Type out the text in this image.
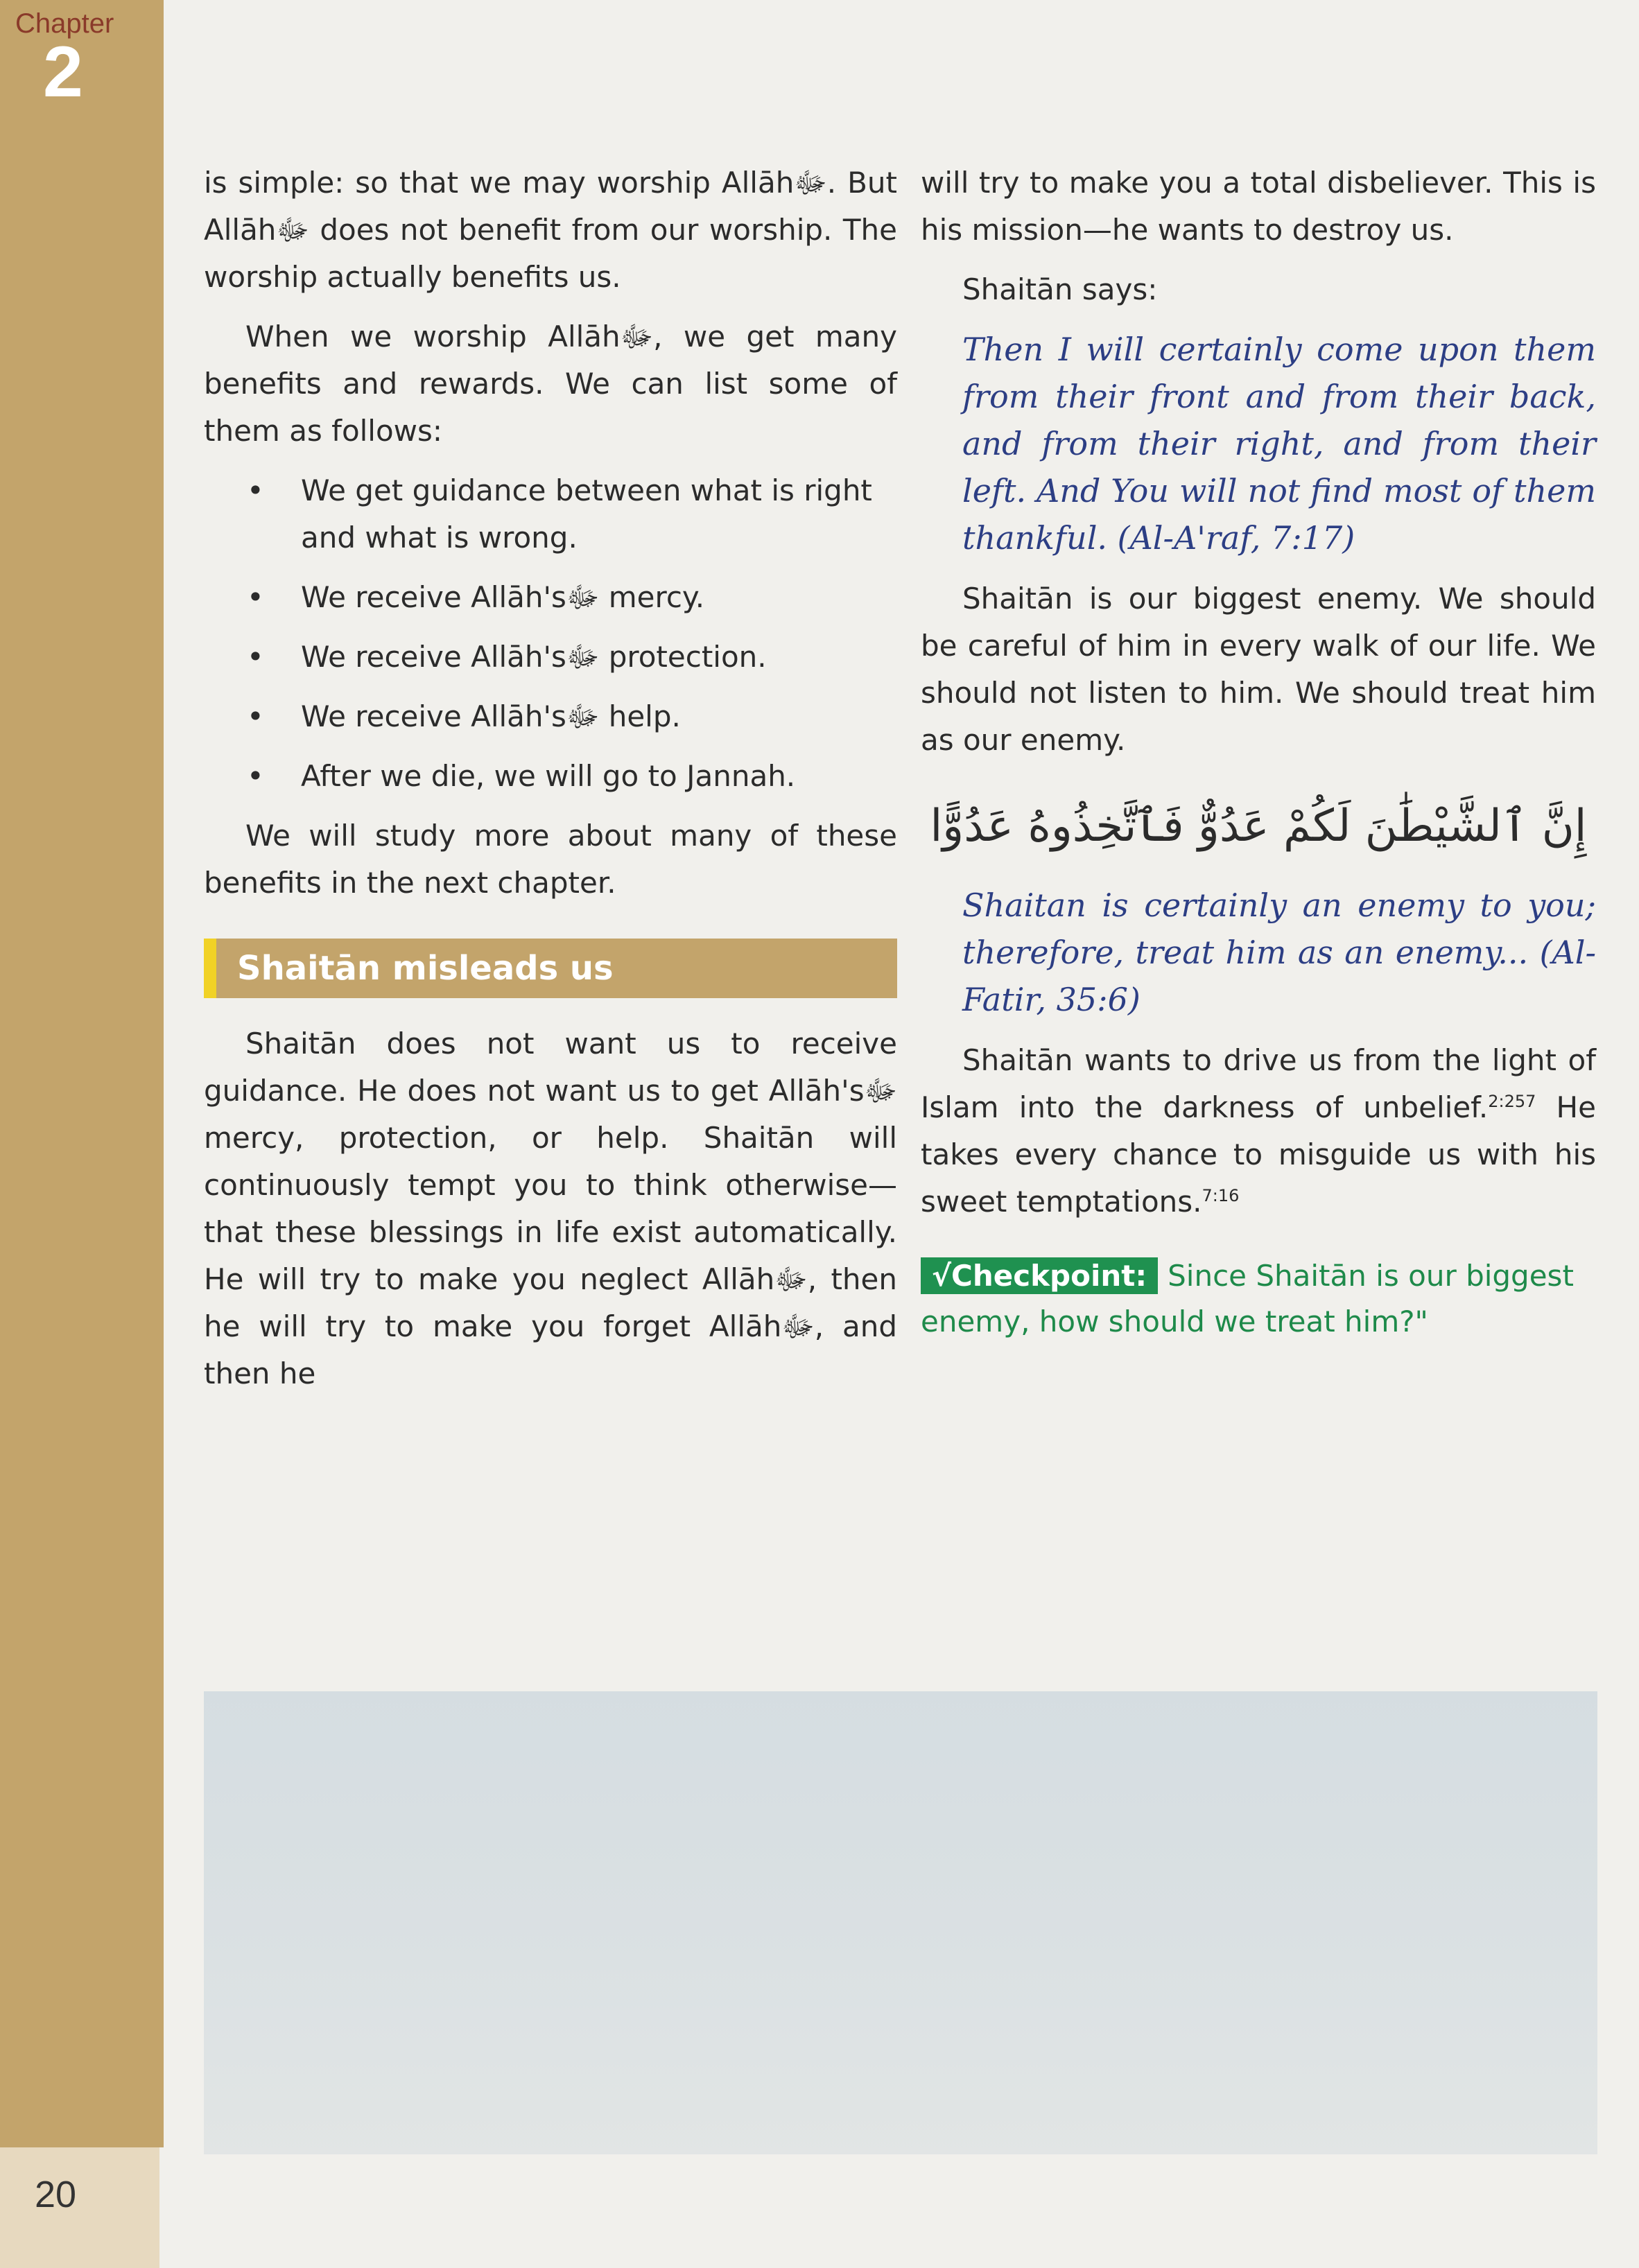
Chapter
2
20

is simple: so that we may worship Allāhﷻ. But Allāhﷻ does not benefit from our worship. The worship actually benefits us.

When we worship Allāhﷻ, we get many benefits and rewards. We can list some of them as follows:

• We get guidance between what is right and what is wrong.
• We receive Allāh'sﷻ mercy.
• We receive Allāh'sﷻ protection.
• We receive Allāh'sﷻ help.
• After we die, we will go to Jannah.

We will study more about many of these benefits in the next chapter.

Shaitān misleads us

Shaitān does not want us to receive guidance. He does not want us to get Allāh'sﷻ mercy, protection, or help. Shaitān will continuously tempt you to think otherwise—that these blessings in life exist automatically. He will try to make you neglect Allāhﷻ, then he will try to make you forget Allāhﷻ, and then he

will try to make you a total disbeliever. This is his mission—he wants to destroy us.

Shaitān says:

Then I will certainly come upon them from their front and from their back, and from their right, and from their left. And You will not find most of them thankful. (Al-A'raf, 7:17)

Shaitān is our biggest enemy. We should be careful of him in every walk of our life. We should not listen to him. We should treat him as our enemy.

إِنَّ ٱلشَّيْطَٰنَ لَكُمْ عَدُوٌّ فَٱتَّخِذُوهُ عَدُوًّا
Shaitan is certainly an enemy to you; therefore, treat him as an enemy... (Al-Fatir, 35:6)

Shaitān wants to drive us from the light of Islam into the darkness of unbelief.$^{2:257}$ He takes every chance to misguide us with his sweet temptations.$^{7:16}$

√Checkpoint: Since Shaitān is our biggest enemy, how should we treat him?"
